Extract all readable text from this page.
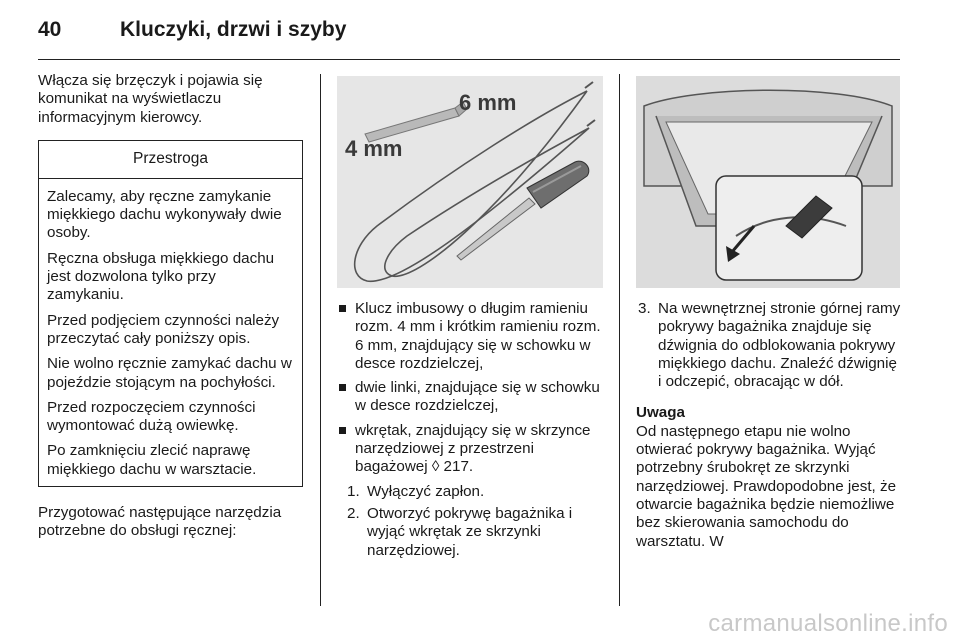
40	Kluczyki, drzwi i szyby

Włącza się brzęczyk i pojawia się komunikat na wyświetlaczu informacyjnym kierowcy.

Przestroga

Zalecamy, aby ręczne zamykanie miękkiego dachu wykonywały dwie osoby.

Ręczna obsługa miękkiego dachu jest dozwolona tylko przy zamykaniu.

Przed podjęciem czynności należy przeczytać cały poniższy opis.

Nie wolno ręcznie zamykać dachu w pojeździe stojącym na pochyłości.

Przed rozpoczęciem czynności wymontować dużą owiewkę.

Po zamknięciu zlecić naprawę miękkiego dachu w warsztacie.

Przygotować następujące narzędzia potrzebne do obsługi ręcznej:

6 mm
4 mm
Klucz imbusowy o długim ramieniu rozm. 4 mm i krótkim ramieniu rozm. 6 mm, znajdujący się w schowku w desce rozdzielczej,
dwie linki, znajdujące się w schowku w desce rozdzielczej,
wkrętak, znajdujący się w skrzynce narzędziowej z przestrzeni bagażowej ◊ 217.
1. Wyłączyć zapłon.
2. Otworzyć pokrywę bagażnika i wyjąć wkrętak ze skrzynki narzędziowej.
3. Na wewnętrznej stronie górnej ramy pokrywy bagażnika znajduje się dźwignia do odblokowania pokrywy miękkiego dachu. Znaleźć dźwignię i odczepić, obracając w dół.
Uwaga

Od następnego etapu nie wolno otwierać pokrywy bagażnika. Wyjąć potrzebny śrubokręt ze skrzynki narzędziowej. Prawdopodobne jest, że otwarcie bagażnika będzie niemożliwe bez skierowania samochodu do warsztatu. W

carmanualsonline.info
